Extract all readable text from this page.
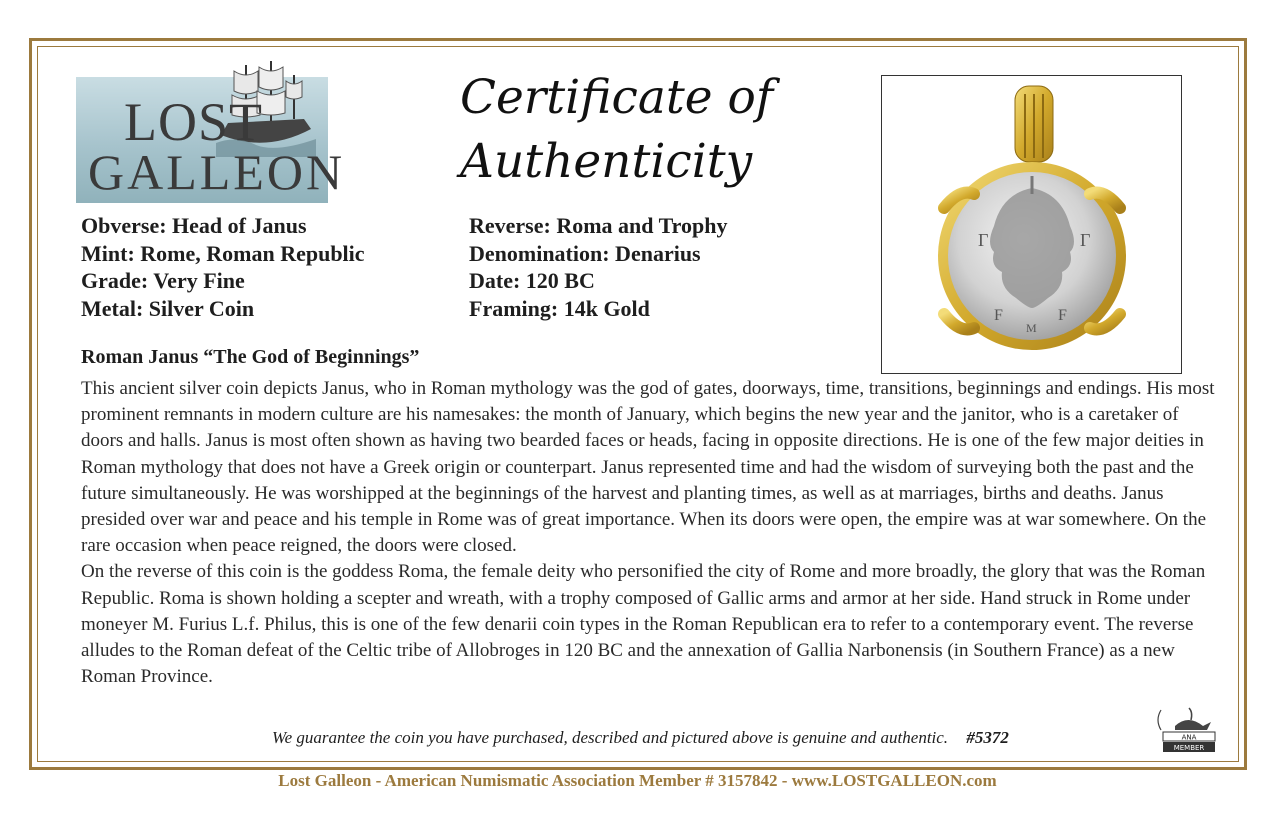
LOST
GALLEON
Certificate of
Authenticity
Obverse: Head of Janus
Mint: Rome, Roman Republic
Grade: Very Fine
Metal: Silver Coin
Reverse: Roma and Trophy
Denomination: Denarius
Date: 120 BC
Framing: 14k Gold
Γ	Γ
F	F
M
Roman Janus “The God of Beginnings”

This ancient silver coin depicts Janus, who in Roman mythology was the god of gates, doorways, time, transitions, beginnings and endings. His most prominent remnants in modern culture are his namesakes: the month of January, which begins the new year and the janitor, who is a caretaker of doors and halls. Janus is most often shown as having two bearded faces or heads, facing in opposite directions. He is one of the few major deities in Roman mythology that does not have a Greek origin or counterpart. Janus represented time and had the wisdom of surveying both the past and the future simultaneously. He was worshipped at the beginnings of the harvest and planting times, as well as at marriages, births and deaths. Janus presided over war and peace and his temple in Rome was of great importance. When its doors were open, the empire was at war somewhere. On the rare occasion when peace reigned, the doors were closed.

On the reverse of this coin is the goddess Roma, the female deity who personified the city of Rome and more broadly, the glory that was the Roman Republic. Roma is shown holding a scepter and wreath, with a trophy composed of Gallic arms and armor at her side. Hand struck in Rome under moneyer M. Furius L.f. Philus, this is one of the few denarii coin types in the Roman Republican era to refer to a contemporary event. The reverse alludes to the Roman defeat of the Celtic tribe of Allobroges in 120 BC and the annexation of Gallia Narbonensis (in Southern France) as a new Roman Province.

We guarantee the coin you have purchased, described and pictured above is genuine and authentic. #5372	ANA
MEMBER
Lost Galleon - American Numismatic Association Member # 3157842 - www.LOSTGALLEON.com
